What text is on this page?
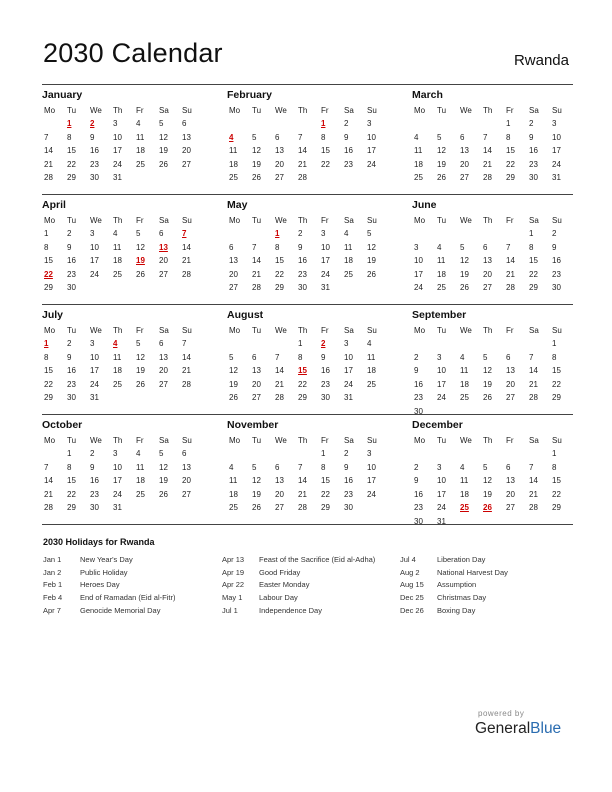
2030 Calendar	Rwanda
January
Mo	Tu	We	Th	Fr	Sa	Su
	1	2	3	4	5	6
7	8	9	10	11	12	13
14	15	16	17	18	19	20
21	22	23	24	25	26	27
28	29	30	31			
February
Mo	Tu	We	Th	Fr	Sa	Su
				1	2	3
4	5	6	7	8	9	10
11	12	13	14	15	16	17
18	19	20	21	22	23	24
25	26	27	28			
March
Mo	Tu	We	Th	Fr	Sa	Su
				1	2	3
4	5	6	7	8	9	10
11	12	13	14	15	16	17
18	19	20	21	22	23	24
25	26	27	28	29	30	31
April
Mo	Tu	We	Th	Fr	Sa	Su
1	2	3	4	5	6	7
8	9	10	11	12	13	14
15	16	17	18	19	20	21
22	23	24	25	26	27	28
29	30					
May
Mo	Tu	We	Th	Fr	Sa	Su
		1	2	3	4	5
6	7	8	9	10	11	12
13	14	15	16	17	18	19
20	21	22	23	24	25	26
27	28	29	30	31		
June
Mo	Tu	We	Th	Fr	Sa	Su
					1	2
3	4	5	6	7	8	9
10	11	12	13	14	15	16
17	18	19	20	21	22	23
24	25	26	27	28	29	30
July
Mo	Tu	We	Th	Fr	Sa	Su
1	2	3	4	5	6	7
8	9	10	11	12	13	14
15	16	17	18	19	20	21
22	23	24	25	26	27	28
29	30	31				
August
Mo	Tu	We	Th	Fr	Sa	Su
			1	2	3	4
5	6	7	8	9	10	11
12	13	14	15	16	17	18
19	20	21	22	23	24	25
26	27	28	29	30	31	
September
Mo	Tu	We	Th	Fr	Sa	Su
						1
2	3	4	5	6	7	8
9	10	11	12	13	14	15
16	17	18	19	20	21	22
23	24	25	26	27	28	29
30						
October
Mo	Tu	We	Th	Fr	Sa	Su
	1	2	3	4	5	6
7	8	9	10	11	12	13
14	15	16	17	18	19	20
21	22	23	24	25	26	27
28	29	30	31			
November
Mo	Tu	We	Th	Fr	Sa	Su
				1	2	3
4	5	6	7	8	9	10
11	12	13	14	15	16	17
18	19	20	21	22	23	24
25	26	27	28	29	30	
December
Mo	Tu	We	Th	Fr	Sa	Su
						1
2	3	4	5	6	7	8
9	10	11	12	13	14	15
16	17	18	19	20	21	22
23	24	25	26	27	28	29
30	31					
2030 Holidays for Rwanda
Jan 1	New Year's Day
Jan 2	Public Holiday
Feb 1	Heroes Day
Feb 4	End of Ramadan (Eid al-Fitr)
Apr 7	Genocide Memorial Day
Apr 13	Feast of the Sacrifice (Eid al-Adha)
Apr 19	Good Friday
Apr 22	Easter Monday
May 1	Labour Day
Jul 1	Independence Day
Jul 4	Liberation Day
Aug 2	National Harvest Day
Aug 15	Assumption
Dec 25	Christmas Day
Dec 26	Boxing Day
powered by
GeneralBlue
